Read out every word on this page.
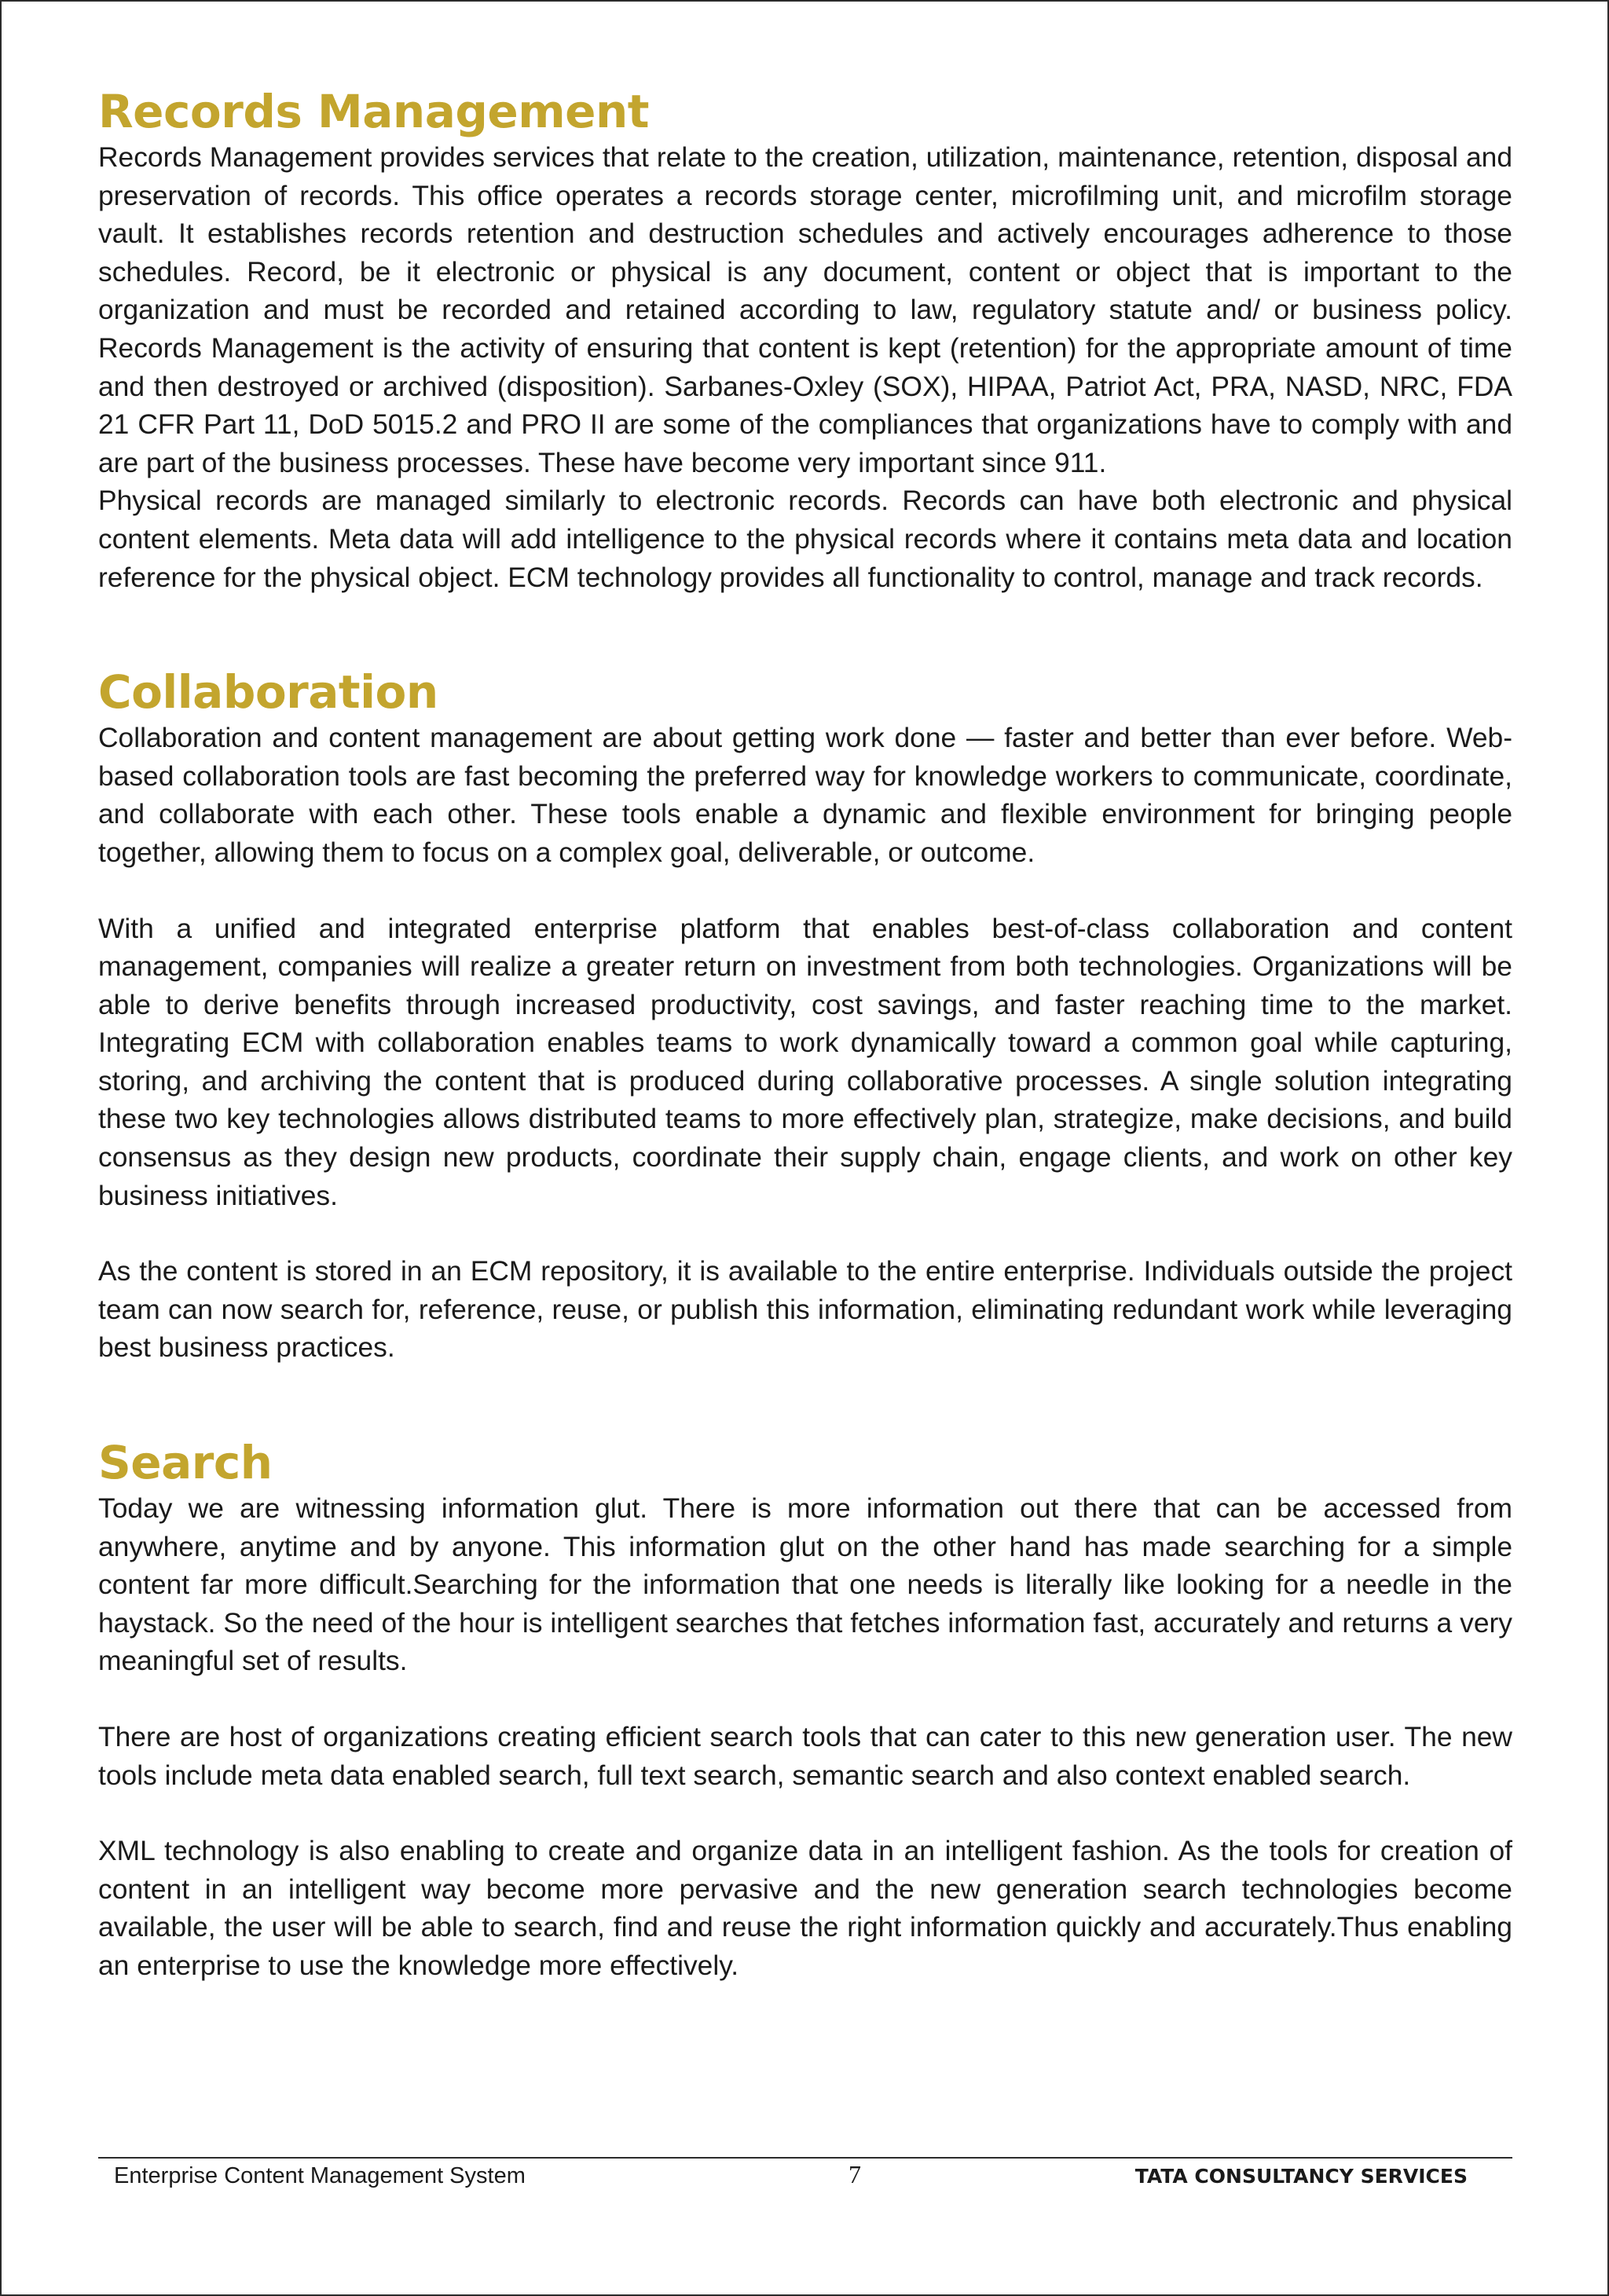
Records Management

Records Management provides services that relate to the creation, utilization, maintenance, retention, disposal and preservation of records. This office operates a records storage center, microfilming unit, and microfilm storage vault. It establishes records retention and destruction schedules and actively encourages adherence to those schedules. Record, be it electronic or physical is any document, content or object that is important to the organization and must be recorded and retained according to law, regulatory statute and/ or business policy. Records Management is the activity of ensuring that content is kept (retention) for the appropriate amount of time and then destroyed or archived (disposition). Sarbanes-Oxley (SOX), HIPAA, Patriot Act, PRA, NASD, NRC, FDA 21 CFR Part 11, DoD 5015.2 and PRO II are some of the compliances that organizations have to comply with and are part of the business processes. These have become very important since 911.

Physical records are managed similarly to electronic records. Records can have both electronic and physical content elements. Meta data will add intelligence to the physical records where it contains meta data and location reference for the physical object. ECM technology provides all functionality to control, manage and track records.

Collaboration

Collaboration and content management are about getting work done — faster and better than ever before. Web-based collaboration tools are fast becoming the preferred way for knowledge workers to communicate, coordinate, and collaborate with each other. These tools enable a dynamic and flexible environment for bringing people together, allowing them to focus on a complex goal, deliverable, or outcome.

With a unified and integrated enterprise platform that enables best-of-class collaboration and content management, companies will realize a greater return on investment from both technologies. Organizations will be able to derive benefits through increased productivity, cost savings, and faster reaching time to the market. Integrating ECM with collaboration enables teams to work dynamically toward a common goal while capturing, storing, and archiving the content that is produced during collaborative processes. A single solution integrating these two key technologies allows distributed teams to more effectively plan, strategize, make decisions, and build consensus as they design new products, coordinate their supply chain, engage clients, and work on other key business initiatives.

As the content is stored in an ECM repository, it is available to the entire enterprise. Individuals outside the project team can now search for, reference, reuse, or publish this information, eliminating redundant work while leveraging best business practices.

Search

Today we are witnessing information glut. There is more information out there that can be accessed from anywhere, anytime and by anyone. This information glut on the other hand has made searching for a simple content far more difficult.Searching for the information that one needs is literally like looking for a needle in the haystack. So the need of the hour is intelligent searches that fetches information fast, accurately and returns a very meaningful set of results.

There are host of organizations creating efficient search tools that can cater to this new generation user. The new tools include meta data enabled search, full text search, semantic search and also context enabled search.

XML technology is also enabling to create and organize data in an intelligent fashion. As the tools for creation of content in an intelligent way become more pervasive and the new generation search technologies become available, the user will be able to search, find and reuse the right information quickly and accurately.Thus enabling an enterprise to use the knowledge more effectively.

Enterprise Content Management System	7	TATA CONSULTANCY SERVICES
